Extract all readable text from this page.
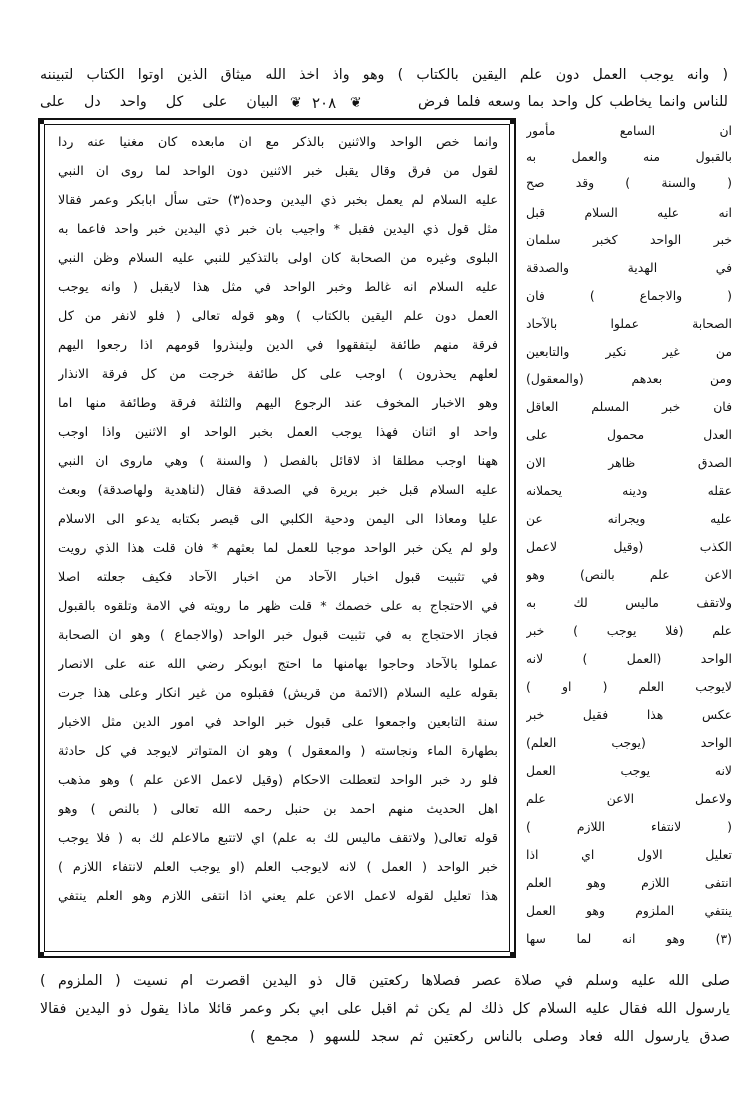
( وانه يوجب العمل دون علم اليقين بالكتاب ) وهو واذ اخذ الله ميثاق الذين اوتوا الكتاب لتبيننه
للناس وانما يخاطب كل واحد بما وسعه فلما فرض
❦
٢٠٨
❦
البيان على كل واحد دل على
وانما خص الواحد والاثنين بالذكر مع ان مابعده كان مغنيا عنه ردا
لقول من فرق وقال يقبل خبر الاثنين دون الواحد لما روى ان النبي
عليه السلام لم يعمل بخبر ذي اليدين وحده(٣) حتى سأل ابابكر وعمر فقالا
مثل قول ذي اليدين فقبل * واجيب بان خبر ذي اليدين خبر واحد فاعما به
البلوى وغيره من الصحابة كان اولى بالتذكير للنبي عليه السلام وظن النبي
عليه السلام انه غالط وخبر الواحد في مثل هذا لايقبل ( وانه يوجب
العمل دون علم اليقين بالكتاب ) وهو قوله تعالى ( فلو لانفر من كل
فرقة منهم طائفة ليتفقهوا في الدين ولينذروا قومهم اذا رجعوا اليهم
لعلهم يحذرون ) اوجب على كل طائفة خرجت من كل فرقة الانذار
وهو الاخبار المخوف عند الرجوع اليهم والثلثة فرقة وطائفة منها اما
واحد او اثنان فهذا يوجب العمل بخبر الواحد او الاثنين واذا اوجب
ههنا اوجب مطلقا اذ لاقائل بالفصل ( والسنة ) وهي ماروى ان النبي
عليه السلام قبل خبر بريرة في الصدقة فقال (لناهدية ولهاصدقة) وبعث
عليا ومعاذا الى اليمن ودحية الكلبي الى قيصر بكتابه يدعو الى الاسلام
ولو لم يكن خبر الواحد موجبا للعمل لما بعثهم * فان قلت هذا الذي رويت
في تثبيت قبول اخبار الآحاد من اخبار الآحاد فكيف جعلته اصلا
في الاحتجاج به على خصمك * قلت ظهر ما رويته في الامة وتلقوه بالقبول
فجاز الاحتجاج به في تثبيت قبول خبر الواحد (والاجماع ) وهو ان الصحابة
عملوا بالآحاد وحاجوا بهامنها ما احتج ابوبكر رضي الله عنه على الانصار
بقوله عليه السلام (الائمة من قريش) فقبلوه من غير انكار وعلى هذا جرت
سنة التابعين واجمعوا على قبول خبر الواحد في امور الدين مثل الاخبار
بطهارة الماء ونجاسته ( والمعقول ) وهو ان المتواتر لايوجد في كل حادثة
فلو رد خبر الواحد لتعطلت الاحكام (وقيل لاعمل الاعن علم ) وهو مذهب
اهل الحديث منهم احمد بن حنبل رحمه الله تعالى ( بالنص ) وهو
قوله تعالى( ولاتقف ماليس لك به علم) اي لاتتبع مالاعلم لك به ( فلا يوجب
خبر الواحد ( العمل ) لانه لايوجب العلم (او يوجب العلم لانتفاء اللازم )
هذا تعليل لقوله لاعمل الاعن علم يعني اذا انتفى اللازم وهو العلم ينتفي
ان السامع مأمور
بالقبول منه والعمل به
( والسنة ) وقد صح
انه عليه السلام قبل
خبر الواحد كخبر سلمان
في الهدية والصدقة
( والاجماع ) فان
الصحابة عملوا بالآحاد
من غير نكير والتابعين
ومن بعدهم (والمعقول)
فان خبر المسلم العاقل
العدل محمول على
الصدق ظاهر الان
عقله ودينه يحملانه
عليه ويجرانه عن
الكذب (وقيل لاعمل
الاعن علم بالنص) وهو
ولاتقف ماليس لك به
علم (فلا يوجب ) خبر
الواحد (العمل ) لانه
لايوجب العلم ( او )
عكس هذا فقيل خبر
الواحد (يوجب العلم)
لانه يوجب العمل
ولاعمل الاعن علم
( لانتفاء اللازم )
تعليل الاول اي اذا
انتفى اللازم وهو العلم
ينتفي الملزوم وهو العمل
(٣) وهو انه لما سها
صلى الله عليه وسلم في صلاة عصر فصلاها ركعتين قال ذو اليدين اقصرت ام نسيت ( الملزوم )
يارسول الله فقال عليه السلام كل ذلك لم يكن ثم اقبل على ابي بكر وعمر قائلا ماذا يقول ذو اليدين فقالا
صدق يارسول الله فعاد وصلى بالناس ركعتين ثم سجد للسهو ( مجمع )
